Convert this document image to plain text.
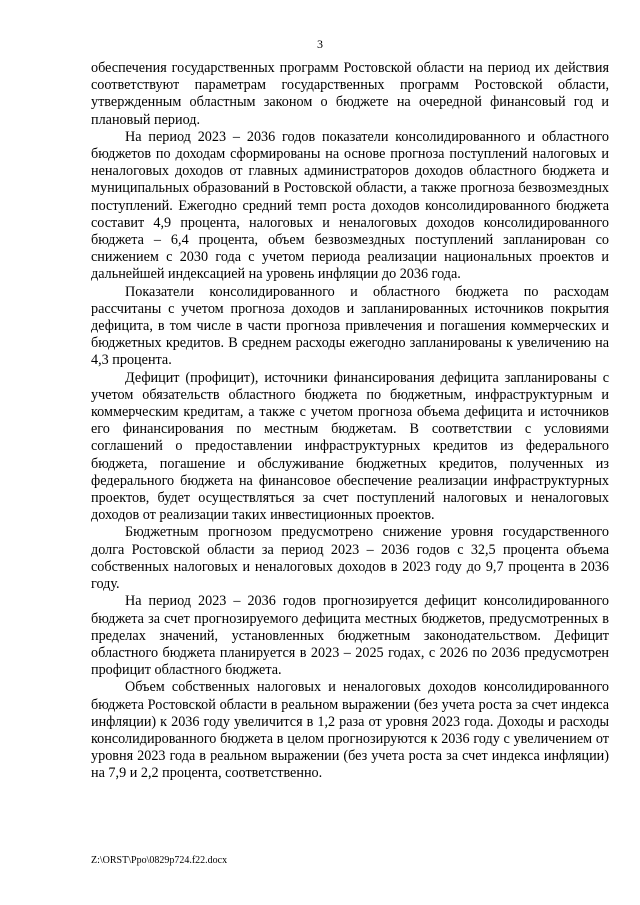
3

обеспечения государственных программ Ростовской области на период их действия соответствуют параметрам государственных программ Ростовской области, утвержденным областным законом о бюджете на очередной финансовый год и плановый период.

На период 2023 – 2036 годов показатели консолидированного и областного бюджетов по доходам сформированы на основе прогноза поступлений налоговых и неналоговых доходов от главных администраторов доходов областного бюджета и муниципальных образований в Ростовской области, а также прогноза безвозмездных поступлений. Ежегодно средний темп роста доходов консолидированного бюджета составит 4,9 процента, налоговых и неналоговых доходов консолидированного бюджета – 6,4 процента, объем безвозмездных поступлений запланирован со снижением с 2030 года с учетом периода реализации национальных проектов и дальнейшей индексацией на уровень инфляции до 2036 года.

Показатели консолидированного и областного бюджета по расходам рассчитаны с учетом прогноза доходов и запланированных источников покрытия дефицита, в том числе в части прогноза привлечения и погашения коммерческих и бюджетных кредитов. В среднем расходы ежегодно запланированы к увеличению на 4,3 процента.

Дефицит (профицит), источники финансирования дефицита запланированы с учетом обязательств областного бюджета по бюджетным, инфраструктурным и коммерческим кредитам, а также с учетом прогноза объема дефицита и источников его финансирования по местным бюджетам. В соответствии с условиями соглашений о предоставлении инфраструктурных кредитов из федерального бюджета, погашение и обслуживание бюджетных кредитов, полученных из федерального бюджета на финансовое обеспечение реализации инфраструктурных проектов, будет осуществляться за счет поступлений налоговых и неналоговых доходов от реализации таких инвестиционных проектов.

Бюджетным прогнозом предусмотрено снижение уровня государственного долга Ростовской области за период 2023 – 2036 годов с 32,5 процента объема собственных налоговых и неналоговых доходов в 2023 году до 9,7 процента в 2036 году.

На период 2023 – 2036 годов прогнозируется дефицит консолидированного бюджета за счет прогнозируемого дефицита местных бюджетов, предусмотренных в пределах значений, установленных бюджетным законодательством. Дефицит областного бюджета планируется в 2023 – 2025 годах, с 2026 по 2036 предусмотрен профицит областного бюджета.

Объем собственных налоговых и неналоговых доходов консолидированного бюджета Ростовской области в реальном выражении (без учета роста за счет индекса инфляции) к 2036 году увеличится в 1,2 раза от уровня 2023 года. Доходы и расходы консолидированного бюджета в целом прогнозируются к 2036 году с увеличением от уровня 2023 года в реальном выражении (без учета роста за счет индекса инфляции) на 7,9 и 2,2 процента, соответственно.

Z:\ORST\Ppo\0829p724.f22.docx
